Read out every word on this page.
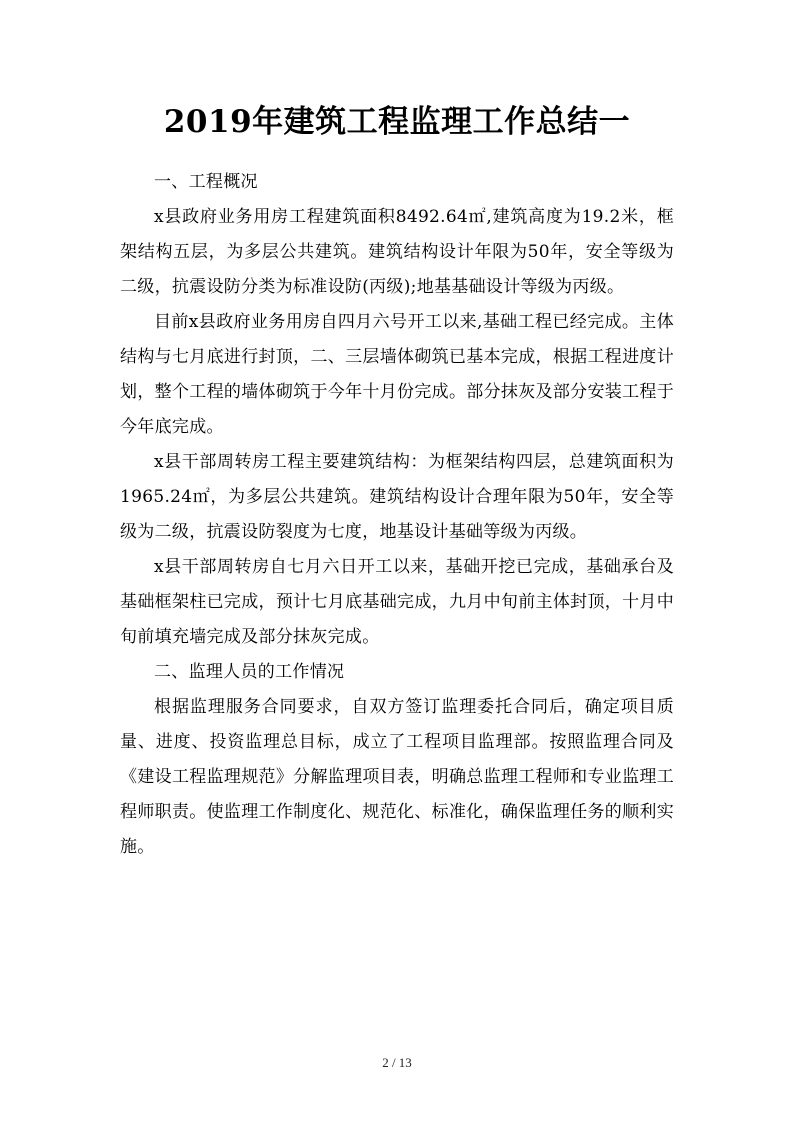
2019年建筑工程监理工作总结一

一、工程概况

x县政府业务用房工程建筑面积8492.64㎡,建筑高度为19.2米，框架结构五层，为多层公共建筑。建筑结构设计年限为50年，安全等级为二级，抗震设防分类为标准设防(丙级);地基基础设计等级为丙级。

目前x县政府业务用房自四月六号开工以来,基础工程已经完成。主体结构与七月底进行封顶，二、三层墙体砌筑已基本完成，根据工程进度计划，整个工程的墙体砌筑于今年十月份完成。部分抹灰及部分安装工程于今年底完成。

x县干部周转房工程主要建筑结构：为框架结构四层，总建筑面积为1965.24㎡，为多层公共建筑。建筑结构设计合理年限为50年，安全等级为二级，抗震设防裂度为七度，地基设计基础等级为丙级。

x县干部周转房自七月六日开工以来，基础开挖已完成，基础承台及基础框架柱已完成，预计七月底基础完成，九月中旬前主体封顶，十月中旬前填充墙完成及部分抹灰完成。

二、监理人员的工作情况

根据监理服务合同要求，自双方签订监理委托合同后，确定项目质量、进度、投资监理总目标，成立了工程项目监理部。按照监理合同及《建设工程监理规范》分解监理项目表，明确总监理工程师和专业监理工程师职责。使监理工作制度化、规范化、标准化，确保监理任务的顺利实施。

2 / 13
